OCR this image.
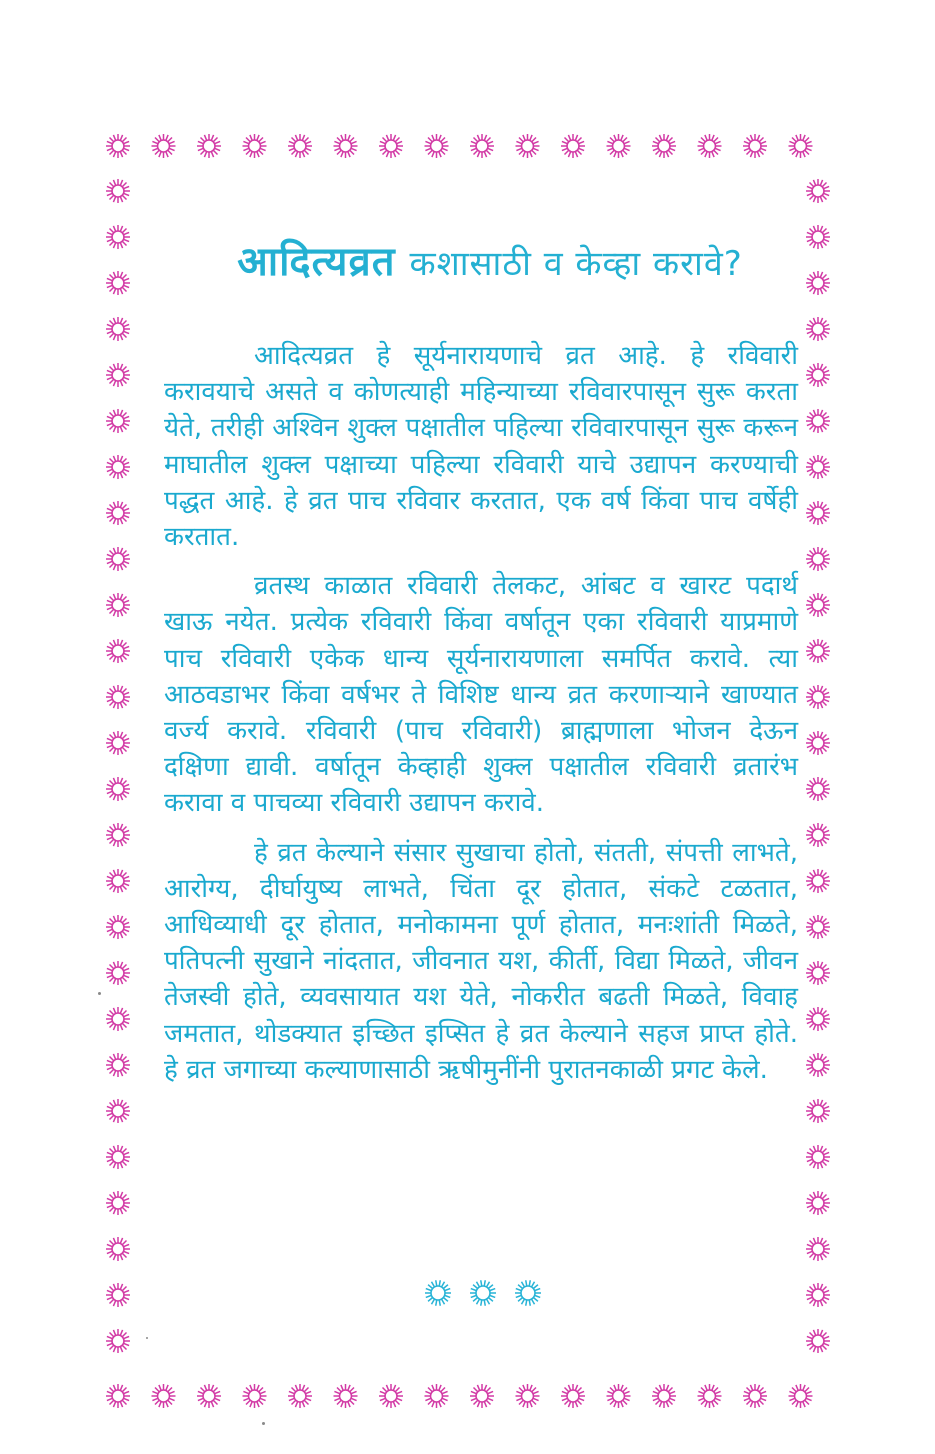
आदित्यव्रत कशासाठी व केव्हा करावे?

आदित्यव्रत हे सूर्यनारायणाचे व्रत आहे. हे रविवारी करावयाचे असते व कोणत्याही महिन्याच्या रविवारपासून सुरू करता येते, तरीही अश्विन शुक्ल पक्षातील पहिल्या रविवारपासून सुरू करून माघातील शुक्ल पक्षाच्या पहिल्या रविवारी याचे उद्यापन करण्याची पद्धत आहे. हे व्रत पाच रविवार करतात, एक वर्ष किंवा पाच वर्षेही करतात.

व्रतस्थ काळात रविवारी तेलकट, आंबट व खारट पदार्थ खाऊ नयेत. प्रत्येक रविवारी किंवा वर्षातून एका रविवारी याप्रमाणे पाच रविवारी एकेक धान्य सूर्यनारायणाला समर्पित करावे. त्या आठवडाभर किंवा वर्षभर ते विशिष्ट धान्य व्रत करणाऱ्याने खाण्यात वर्ज्य करावे. रविवारी (पाच रविवारी) ब्राह्मणाला भोजन देऊन दक्षिणा द्यावी. वर्षातून केव्हाही शुक्ल पक्षातील रविवारी व्रतारंभ करावा व पाचव्या रविवारी उद्यापन करावे.

हे व्रत केल्याने संसार सुखाचा होतो, संतती, संपत्ती लाभते, आरोग्य, दीर्घायुष्य लाभते, चिंता दूर होतात, संकटे टळतात, आधिव्याधी दूर होतात, मनोकामना पूर्ण होतात, मनःशांती मिळते, पतिपत्नी सुखाने नांदतात, जीवनात यश, कीर्ती, विद्या मिळते, जीवन तेजस्वी होते, व्यवसायात यश येते, नोकरीत बढती मिळते, विवाह जमतात, थोडक्यात इच्छित इप्सित हे व्रत केल्याने सहज प्राप्त होते. हे व्रत जगाच्या कल्याणासाठी ऋषीमुनींनी पुरातनकाळी प्रगट केले.
